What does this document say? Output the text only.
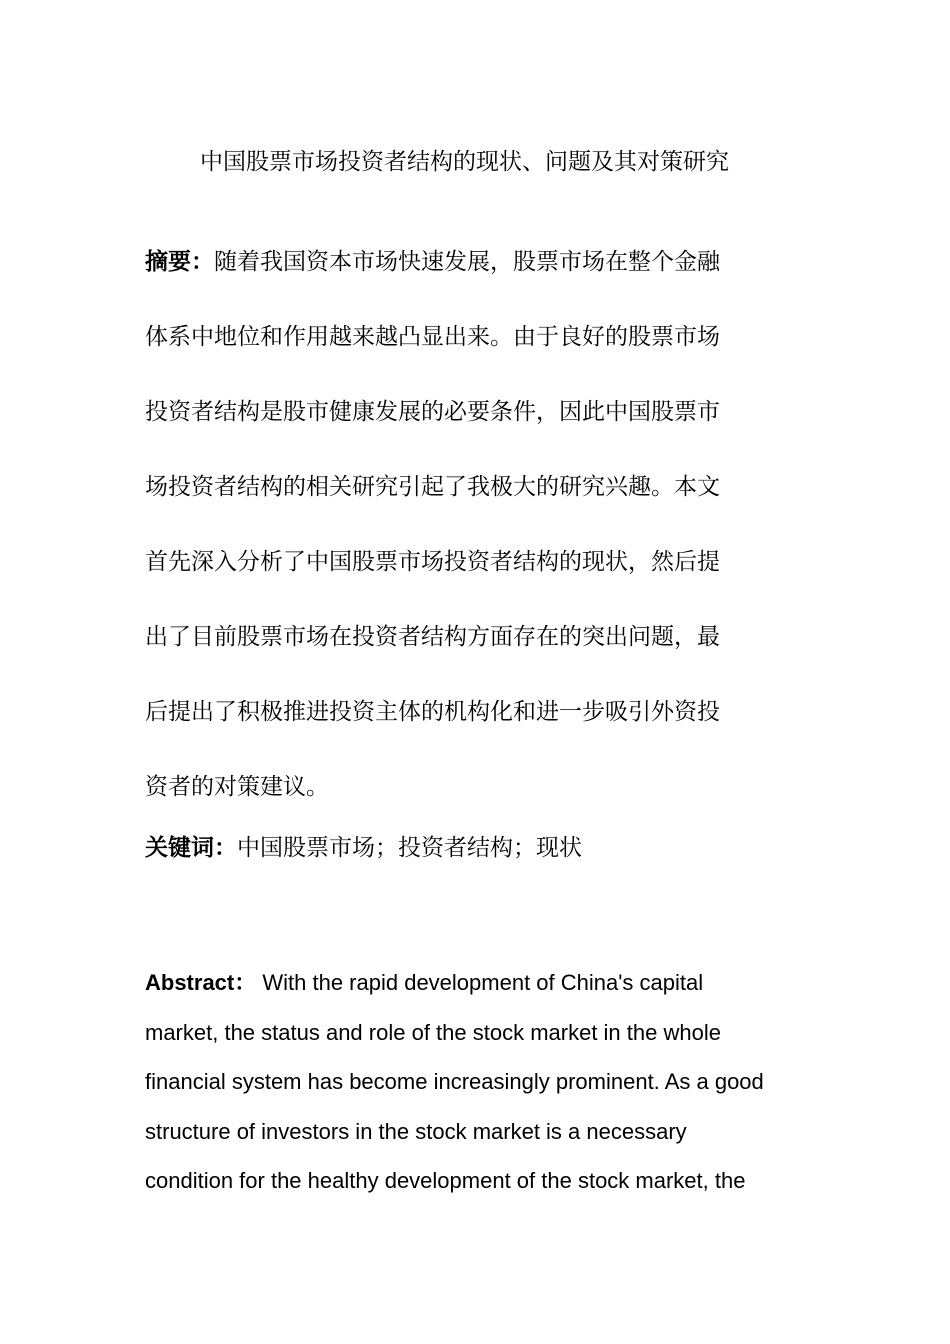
中国股票市场投资者结构的现状、问题及其对策研究
摘要：随着我国资本市场快速发展，股票市场在整个金融
体系中地位和作用越来越凸显出来。由于良好的股票市场
投资者结构是股市健康发展的必要条件，因此中国股票市
场投资者结构的相关研究引起了我极大的研究兴趣。本文
首先深入分析了中国股票市场投资者结构的现状，然后提
出了目前股票市场在投资者结构方面存在的突出问题，最
后提出了积极推进投资主体的机构化和进一步吸引外资投
资者的对策建议。
关键词：中国股票市场；投资者结构；现状
Abstract： With the rapid development of China's capital
market, the status and role of the stock market in the whole
financial system has become increasingly prominent. As a good
structure of investors in the stock market is a necessary
condition for the healthy development of the stock market, the
